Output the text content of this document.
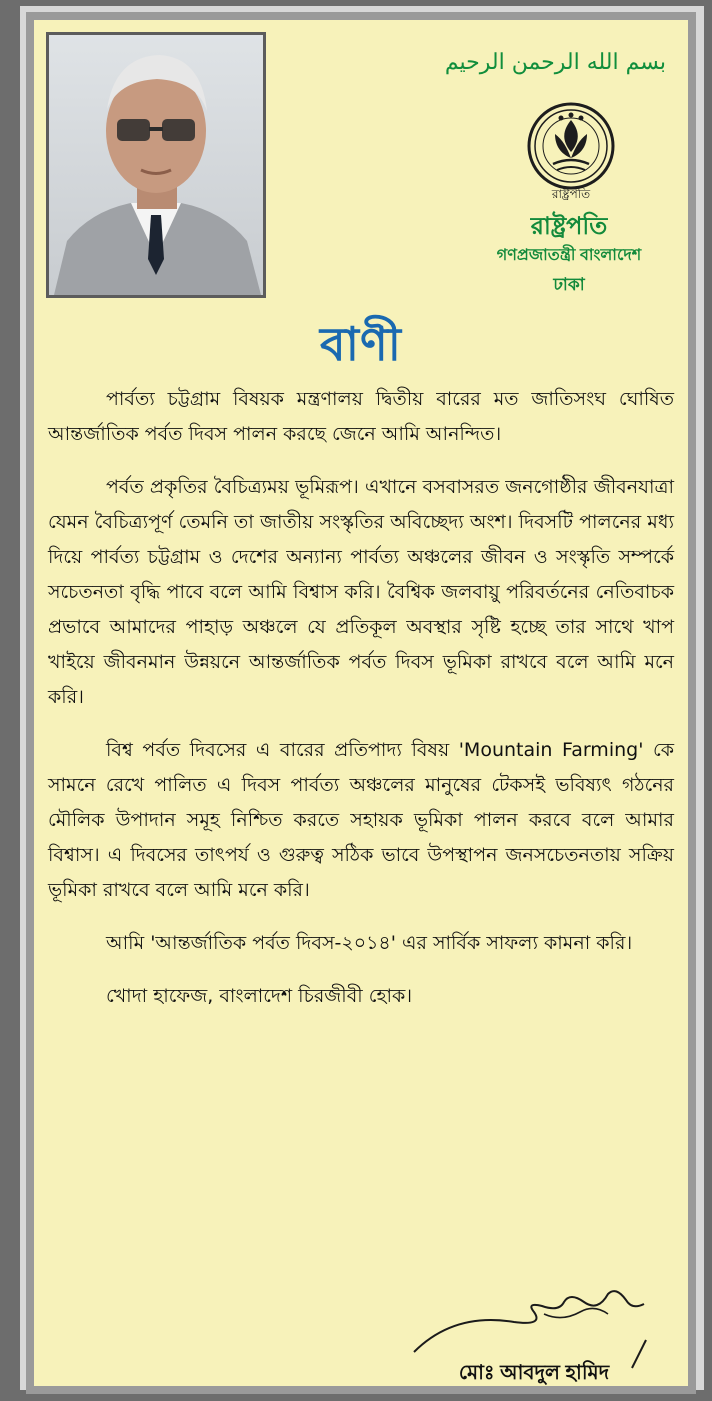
بسم الله الرحمن الرحيم
রাষ্ট্রপতি
রাষ্ট্রপতি
গণপ্রজাতন্ত্রী বাংলাদেশ
ঢাকা
বাণী

পার্বত্য চট্টগ্রাম বিষয়ক মন্ত্রণালয় দ্বিতীয় বারের মত জাতিসংঘ ঘোষিত আন্তর্জাতিক পর্বত দিবস পালন করছে জেনে আমি আনন্দিত।

পর্বত প্রকৃতির বৈচিত্র্যময় ভূমিরূপ। এখানে বসবাসরত জনগোষ্ঠীর জীবনযাত্রা যেমন বৈচিত্র্যপূর্ণ তেমনি তা জাতীয় সংস্কৃতির অবিচ্ছেদ্য অংশ। দিবসটি পালনের মধ্য দিয়ে পার্বত্য চট্টগ্রাম ও দেশের অন্যান্য পার্বত্য অঞ্চলের জীবন ও সংস্কৃতি সম্পর্কে সচেতনতা বৃদ্ধি পাবে বলে আমি বিশ্বাস করি। বৈশ্বিক জলবায়ু পরিবর্তনের নেতিবাচক প্রভাবে আমাদের পাহাড় অঞ্চলে যে প্রতিকূল অবস্থার সৃষ্টি হচ্ছে তার সাথে খাপ খাইয়ে জীবনমান উন্নয়নে আন্তর্জাতিক পর্বত দিবস ভূমিকা রাখবে বলে আমি মনে করি।

বিশ্ব পর্বত দিবসের এ বারের প্রতিপাদ্য বিষয় 'Mountain Farming' কে সামনে রেখে পালিত এ দিবস পার্বত্য অঞ্চলের মানুষের টেকসই ভবিষ্যৎ গঠনের মৌলিক উপাদান সমূহ নিশ্চিত করতে সহায়ক ভূমিকা পালন করবে বলে আমার বিশ্বাস। এ দিবসের তাৎপর্য ও গুরুত্ব সঠিক ভাবে উপস্থাপন জনসচেতনতায় সক্রিয় ভূমিকা রাখবে বলে আমি মনে করি।

আমি 'আন্তর্জাতিক পর্বত দিবস-২০১৪' এর সার্বিক সাফল্য কামনা করি।

খোদা হাফেজ, বাংলাদেশ চিরজীবী হোক।

মোঃ আবদুল হামিদ
